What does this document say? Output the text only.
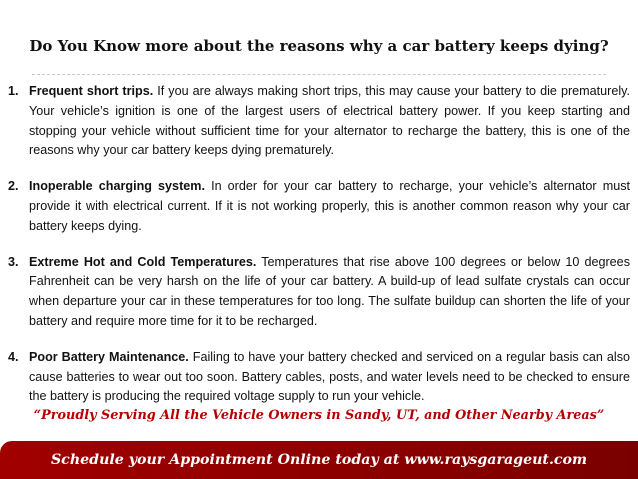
Do You Know more about the reasons why a car battery keeps dying?
1. Frequent short trips. If you are always making short trips, this may cause your battery to die prematurely. Your vehicle’s ignition is one of the largest users of electrical battery power. If you keep starting and stopping your vehicle without sufficient time for your alternator to recharge the battery, this is one of the reasons why your car battery keeps dying prematurely.
2. Inoperable charging system. In order for your car battery to recharge, your vehicle’s alternator must provide it with electrical current. If it is not working properly, this is another common reason why your car battery keeps dying.
3. Extreme Hot and Cold Temperatures. Temperatures that rise above 100 degrees or below 10 degrees Fahrenheit can be very harsh on the life of your car battery. A build-up of lead sulfate crystals can occur when departure your car in these temperatures for too long. The sulfate buildup can shorten the life of your battery and require more time for it to be recharged.
4. Poor Battery Maintenance. Failing to have your battery checked and serviced on a regular basis can also cause batteries to wear out too soon. Battery cables, posts, and water levels need to be checked to ensure the battery is producing the required voltage supply to run your vehicle.
“Proudly Serving All the Vehicle Owners in Sandy, UT, and Other Nearby Areas”
Schedule your Appointment Online today at www.raysgarageut.com
